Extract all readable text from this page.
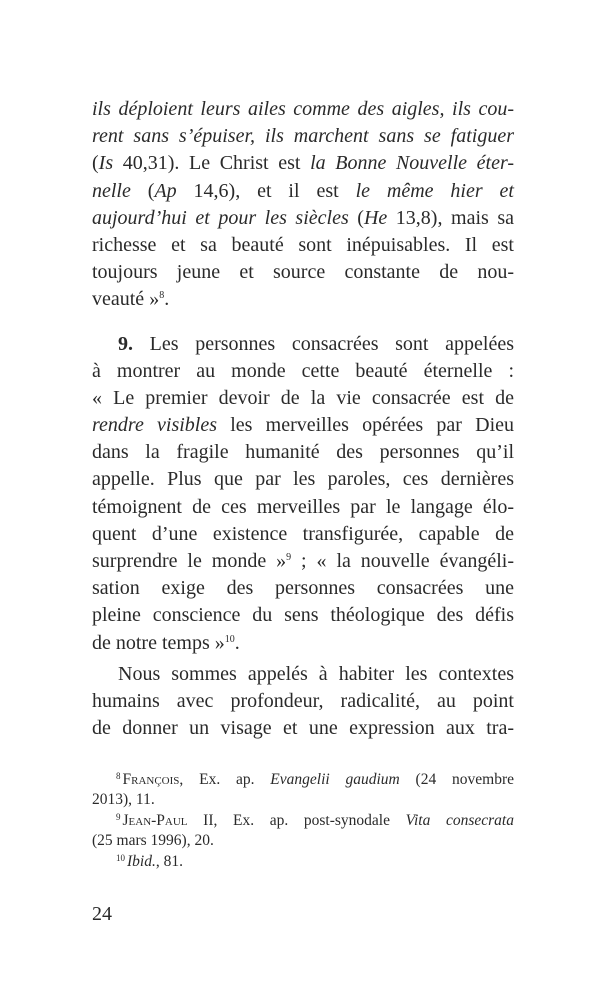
ils déploient leurs ailes comme des aigles, ils cou-
rent sans s’épuiser, ils marchent sans se fatiguer
(Is 40,31). Le Christ est la Bonne Nouvelle éter-
nelle (Ap 14,6), et il est le même hier et
aujourd’hui et pour les siècles (He 13,8), mais sa
richesse et sa beauté sont inépuisables. Il est
toujours jeune et source constante de nou-
veauté »$^8$.
9. Les personnes consacrées sont appelées
à montrer au monde cette beauté éternelle :
« Le premier devoir de la vie consacrée est de
rendre visibles les merveilles opérées par Dieu
dans la fragile humanité des personnes qu’il
appelle. Plus que par les paroles, ces dernières
témoignent de ces merveilles par le langage élo-
quent d’une existence transfigurée, capable de
surprendre le monde »$^9$ ; « la nouvelle évangéli-
sation exige des personnes consacrées une
pleine conscience du sens théologique des défis
de notre temps »$^{10}$.
Nous sommes appelés à habiter les contextes
humains avec profondeur, radicalité, au point
de donner un visage et une expression aux tra-
$^8$ François, Ex. ap. Evangelii gaudium (24 novembre
2013), 11.
$^9$ Jean-Paul II, Ex. ap. post-synodale Vita consecrata
(25 mars 1996), 20.
$^{10}$ Ibid., 81.
24
